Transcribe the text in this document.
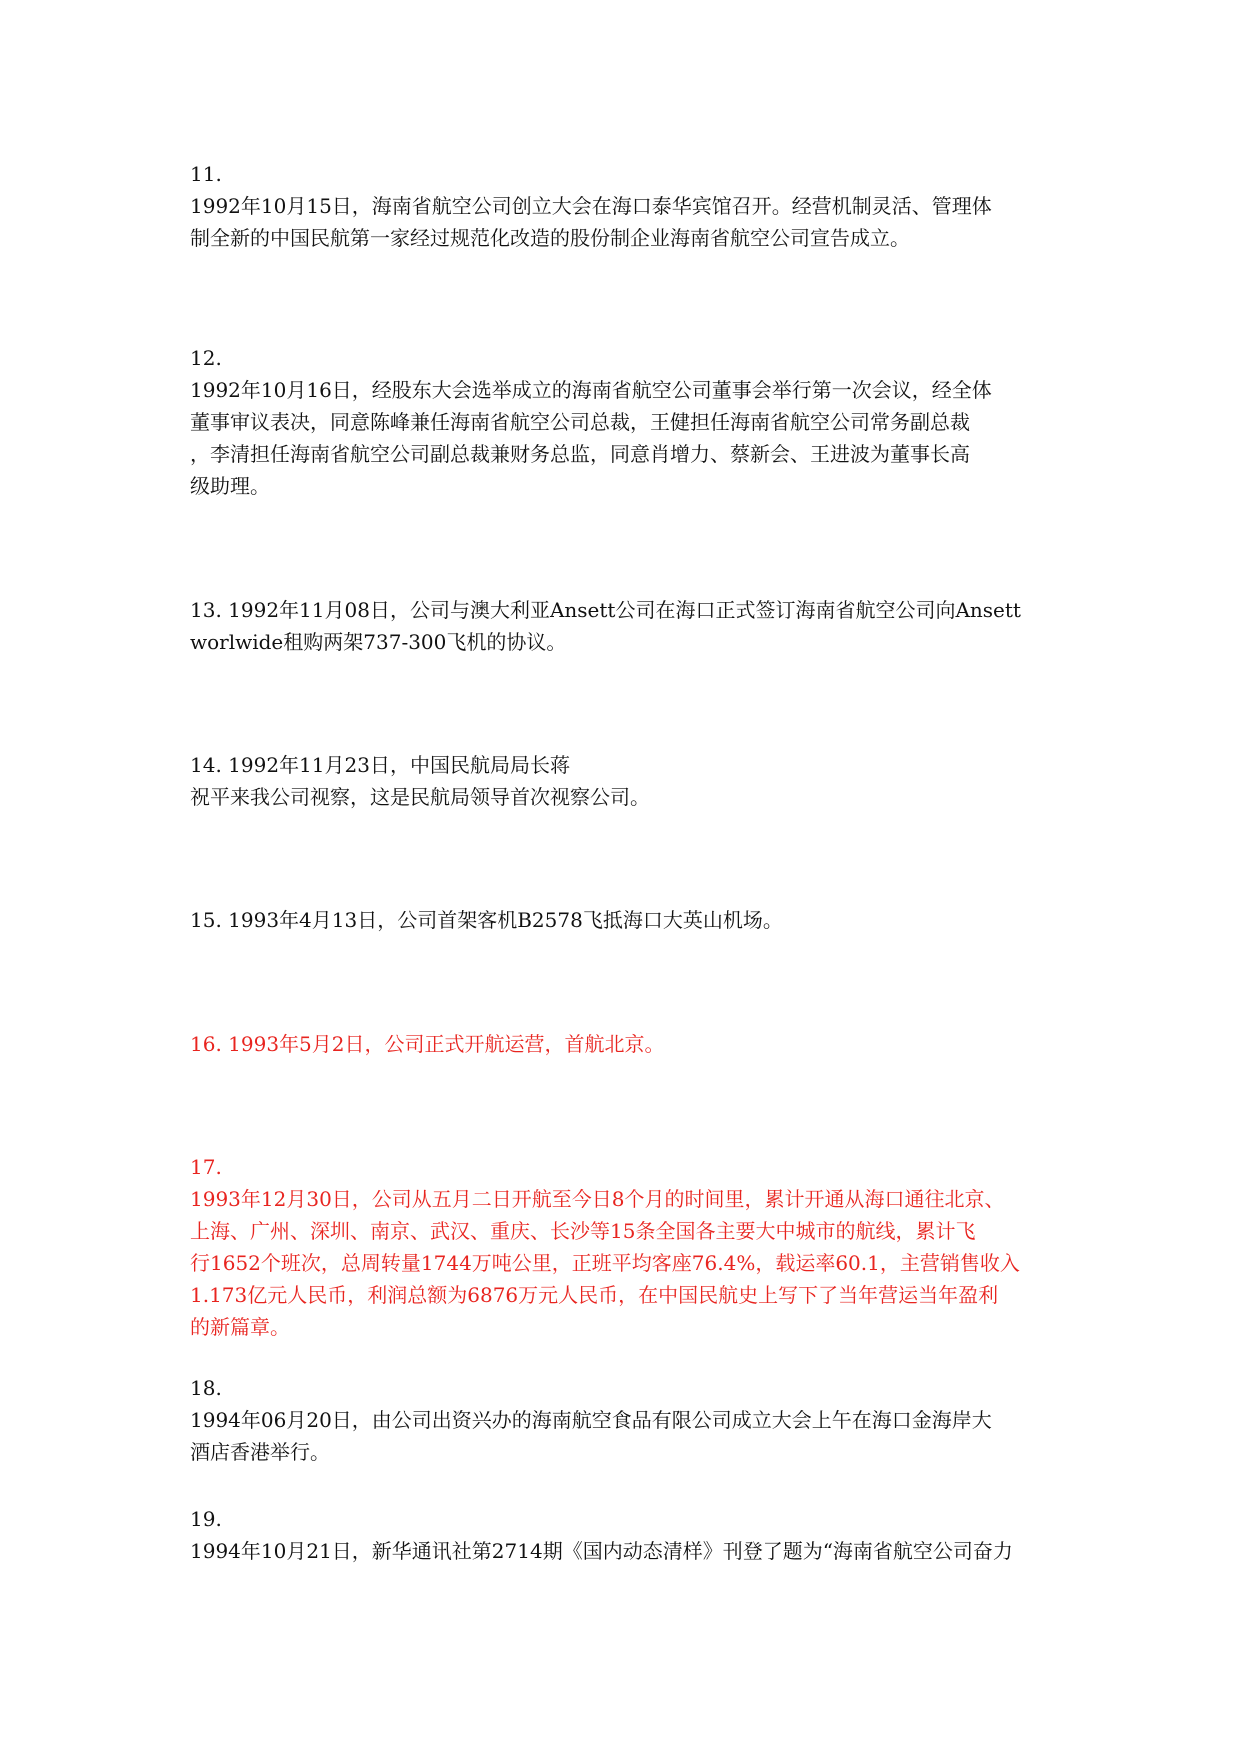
11.
1992年10月15日，海南省航空公司创立大会在海口泰华宾馆召开。经营机制灵活、管理体
制全新的中国民航第一家经过规范化改造的股份制企业海南省航空公司宣告成立。
12.
1992年10月16日，经股东大会选举成立的海南省航空公司董事会举行第一次会议，经全体
董事审议表决，同意陈峰兼任海南省航空公司总裁，王健担任海南省航空公司常务副总裁
，李清担任海南省航空公司副总裁兼财务总监，同意肖增力、蔡新会、王进波为董事长高
级助理。
13. 1992年11月08日，公司与澳大利亚Ansett公司在海口正式签订海南省航空公司向Ansett
worlwide租购两架737-300飞机的协议。
14. 1992年11月23日，中国民航局局长蒋
祝平来我公司视察，这是民航局领导首次视察公司。
15. 1993年4月13日，公司首架客机B2578飞抵海口大英山机场。
16. 1993年5月2日，公司正式开航运营，首航北京。
17.
1993年12月30日，公司从五月二日开航至今日8个月的时间里，累计开通从海口通往北京、
上海、广州、深圳、南京、武汉、重庆、长沙等15条全国各主要大中城市的航线，累计飞
行1652个班次，总周转量1744万吨公里，正班平均客座76.4%，载运率60.1，主营销售收入
1.173亿元人民币，利润总额为6876万元人民币，在中国民航史上写下了当年营运当年盈利
的新篇章。
18.
1994年06月20日，由公司出资兴办的海南航空食品有限公司成立大会上午在海口金海岸大
酒店香港举行。
19.
1994年10月21日，新华通讯社第2714期《国内动态清样》刊登了题为“海南省航空公司奋力
